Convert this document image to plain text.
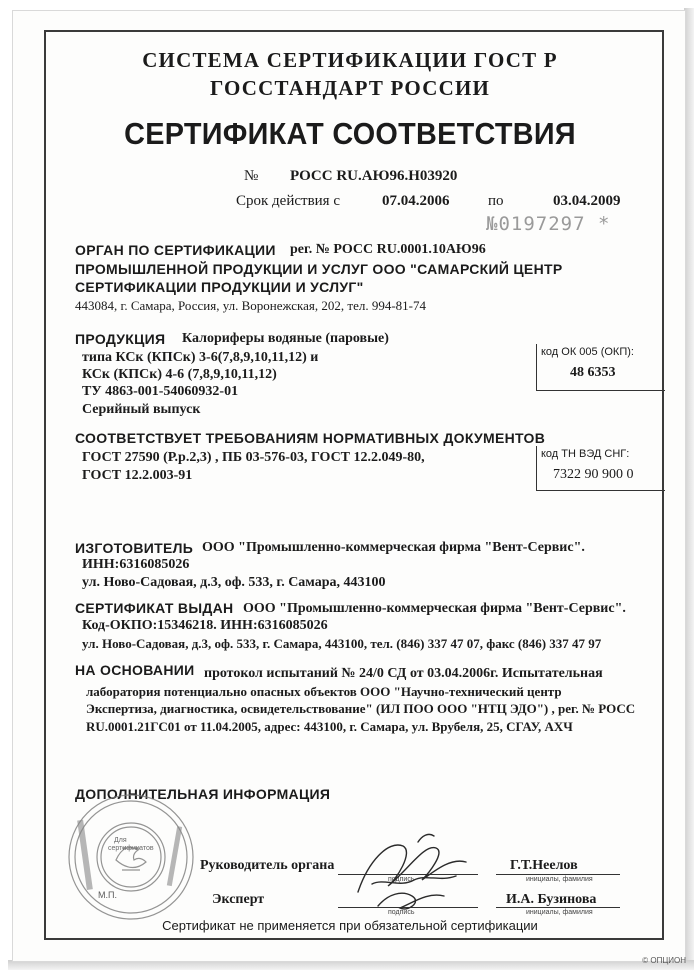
СИСТЕМА СЕРТИФИКАЦИИ ГОСТ Р
ГОССТАНДАРТ РОССИИ
СЕРТИФИКАТ СООТВЕТСТВИЯ
№ РОСС RU.АЮ96.Н03920
Срок действия с	07.04.2006	по	03.04.2009
№0197297 *
ОРГАН ПО СЕРТИФИКАЦИИ рег. № РОСС RU.0001.10АЮ96
ПРОМЫШЛЕННОЙ ПРОДУКЦИИ И УСЛУГ ООО "САМАРСКИЙ ЦЕНТР
СЕРТИФИКАЦИИ ПРОДУКЦИИ И УСЛУГ"
443084, г. Самара, Россия, ул. Воронежская, 202, тел. 994-81-74
ПРОДУКЦИЯ Калориферы водяные (паровые)
типа КСк (КПСк) 3-6(7,8,9,10,11,12) и
КСк (КПСк) 4-6 (7,8,9,10,11,12)
ТУ 4863-001-54060932-01
Серийный выпуск
код ОК 005 (ОКП):
48 6353
СООТВЕТСТВУЕТ ТРЕБОВАНИЯМ НОРМАТИВНЫХ ДОКУМЕНТОВ
ГОСТ 27590 (Р.р.2,3) , ПБ 03-576-03, ГОСТ 12.2.049-80,
ГОСТ 12.2.003-91
код ТН ВЭД СНГ:
7322 90 900 0
ИЗГОТОВИТЕЛЬ ООО "Промышленно-коммерческая фирма "Вент-Сервис".
ИНН:6316085026
ул. Ново-Садовая, д.3, оф. 533, г. Самара, 443100
СЕРТИФИКАТ ВЫДАН ООО "Промышленно-коммерческая фирма "Вент-Сервис".
Код-ОКПО:15346218. ИНН:6316085026
ул. Ново-Садовая, д.3, оф. 533, г. Самара, 443100, тел. (846) 337 47 07, факс (846) 337 47 97
НА ОСНОВАНИИ протокол испытаний № 24/0 СД от 03.04.2006г. Испытательная
лаборатория потенциально опасных объектов ООО "Научно-технический центр
Экспертиза, диагностика, освидетельствование" (ИЛ ПОО ООО "НТЦ ЭДО") , рег. № РОСС
RU.0001.21ГС01 от 11.04.2005, адрес: 443100, г. Самара, ул. Врубеля, 25, СГАУ, АХЧ
ДОПОЛНИТЕЛЬНАЯ ИНФОРМАЦИЯ
Для
сертификатов
М.П.
Руководитель органа
подпись
Г.Т.Неелов
инициалы, фамилия
Эксперт
подпись
И.А. Бузинова
инициалы, фамилия
Сертификат не применяется при обязательной сертификации
© ОПЦИОН
